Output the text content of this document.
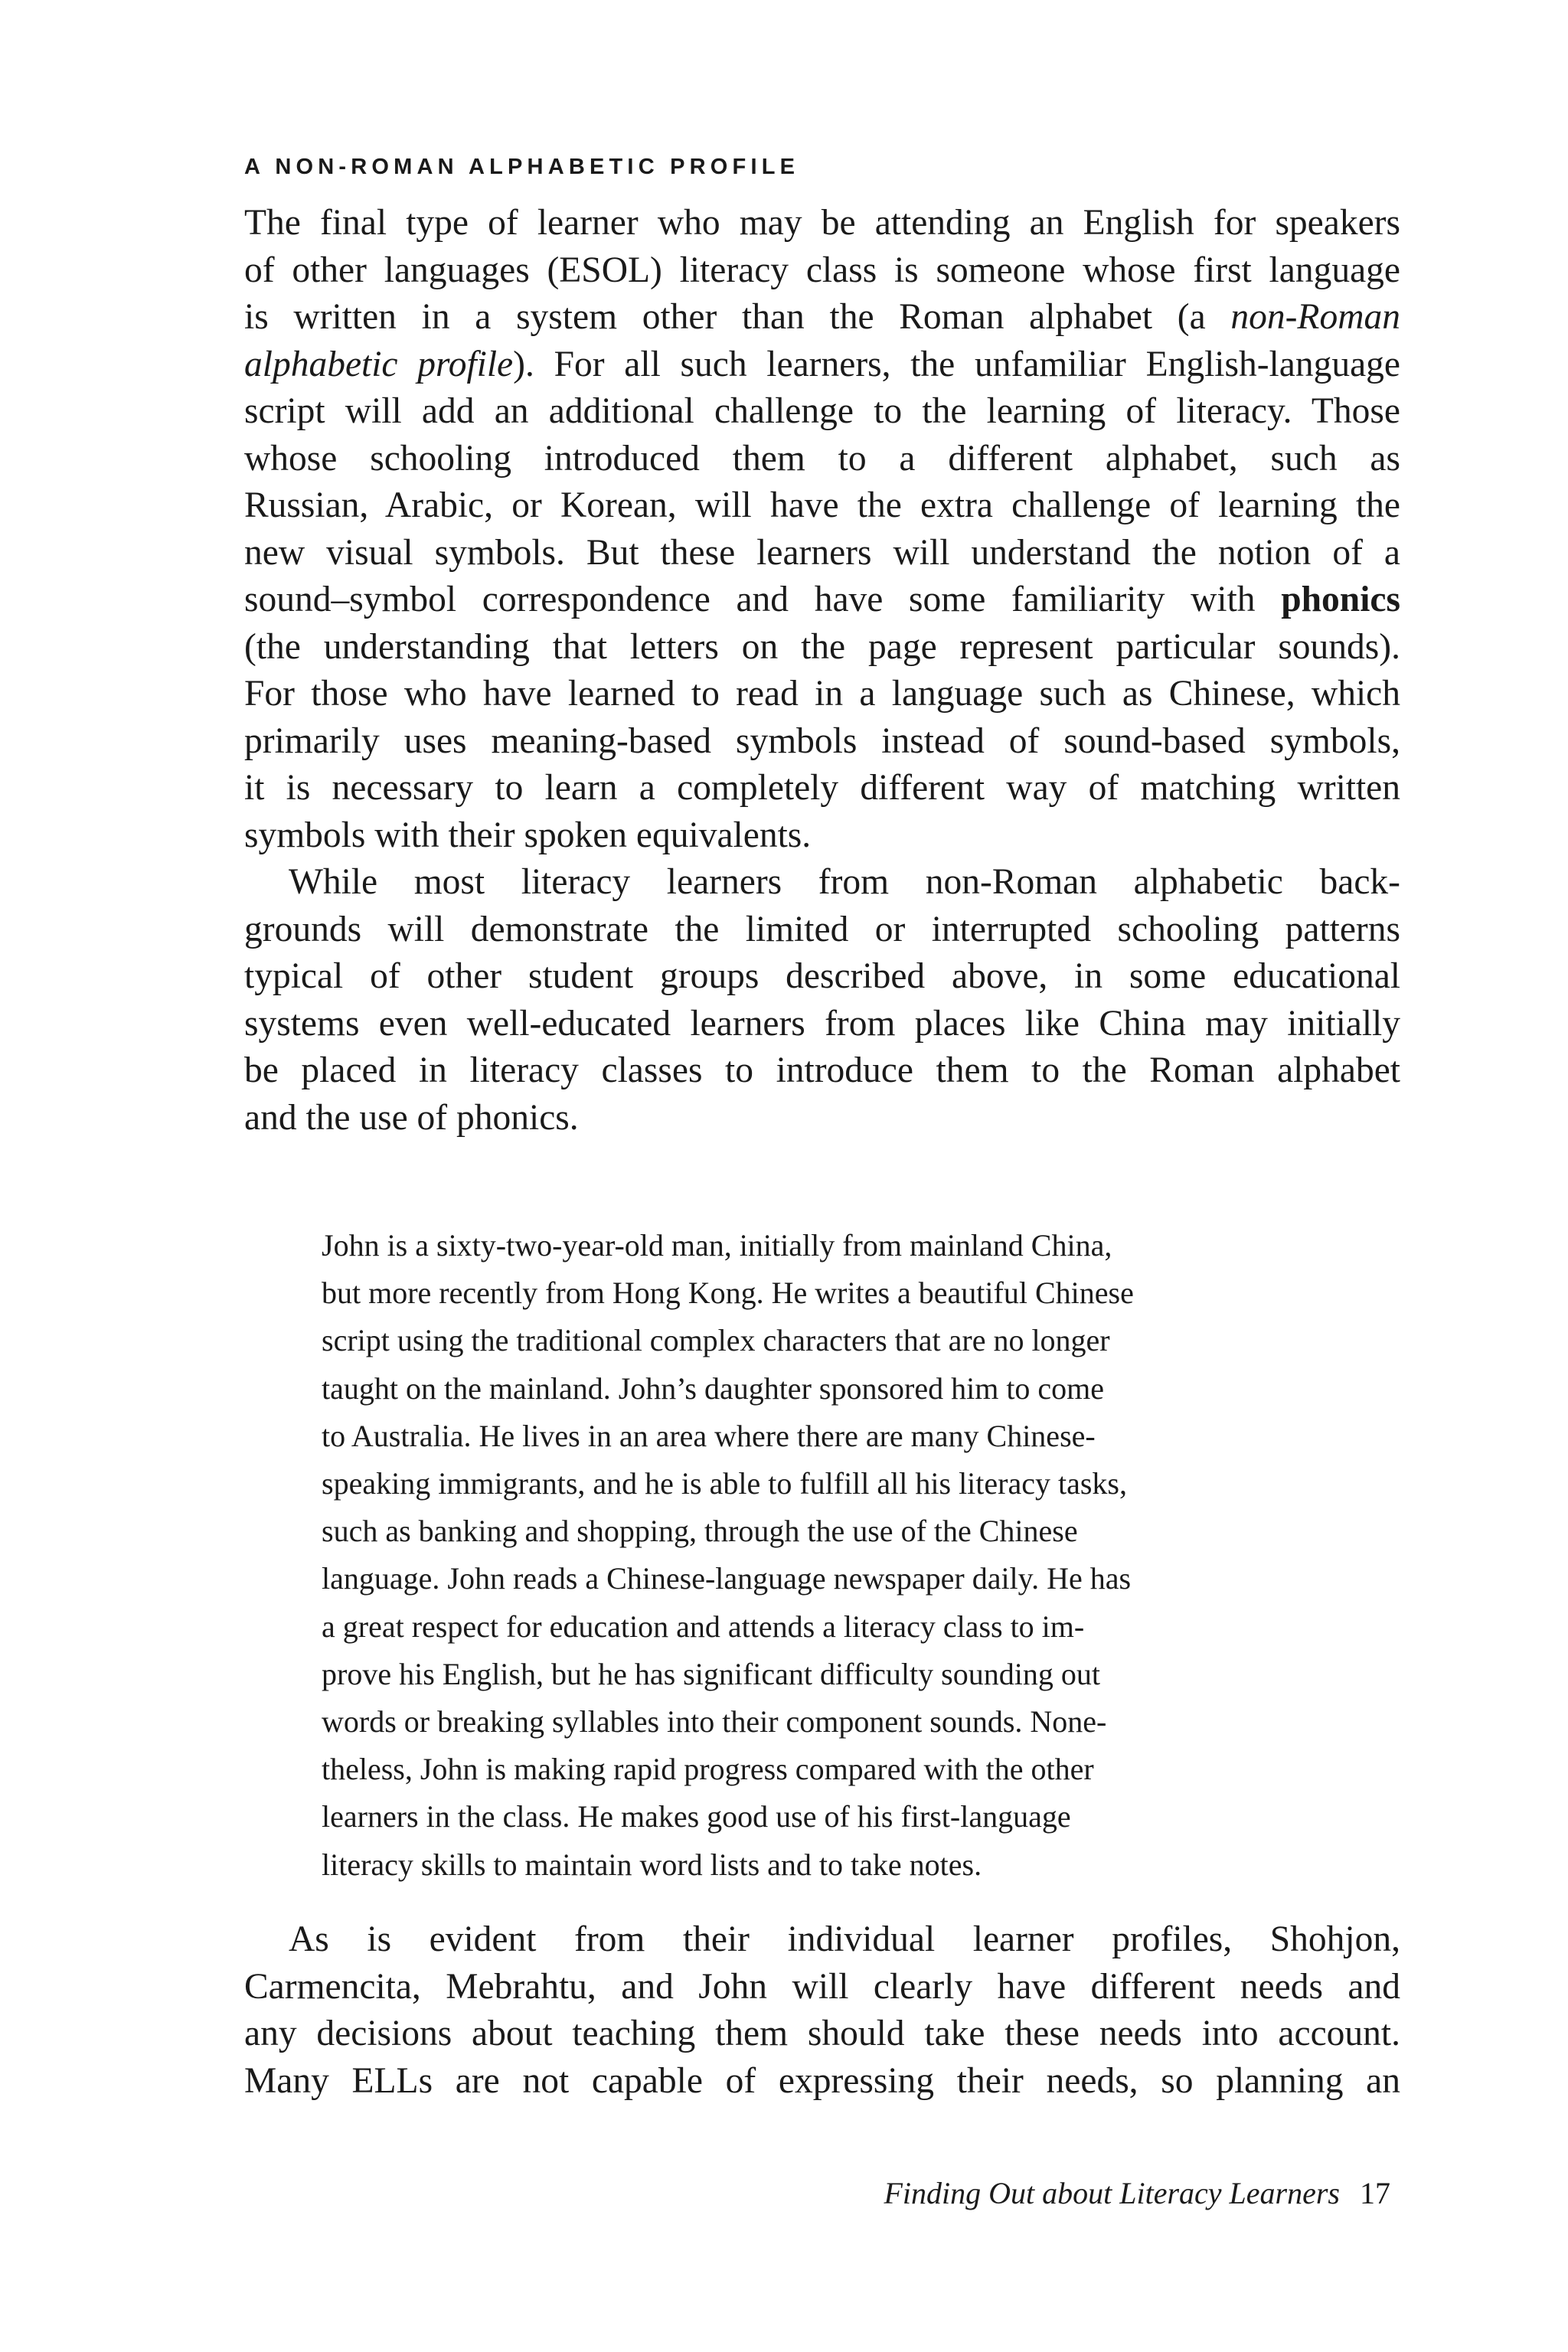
A NON-ROMAN ALPHABETIC PROFILE
The final type of learner who may be attending an English for speakers
of other languages (ESOL) literacy class is someone whose first language
is written in a system other than the Roman alphabet (a non-Roman
alphabetic profile). For all such learners, the unfamiliar English-language
script will add an additional challenge to the learning of literacy. Those
whose schooling introduced them to a different alphabet, such as
Russian, Arabic, or Korean, will have the extra challenge of learning the
new visual symbols. But these learners will understand the notion of a
sound–symbol correspondence and have some familiarity with phonics
(the understanding that letters on the page represent particular sounds).
For those who have learned to read in a language such as Chinese, which
primarily uses meaning-based symbols instead of sound-based symbols,
it is necessary to learn a completely different way of matching written
symbols with their spoken equivalents.
While most literacy learners from non-Roman alphabetic back-
grounds will demonstrate the limited or interrupted schooling patterns
typical of other student groups described above, in some educational
systems even well-educated learners from places like China may initially
be placed in literacy classes to introduce them to the Roman alphabet
and the use of phonics.
John is a sixty-two-year-old man, initially from mainland China,
but more recently from Hong Kong. He writes a beautiful Chinese
script using the traditional complex characters that are no longer
taught on the mainland. John’s daughter sponsored him to come
to Australia. He lives in an area where there are many Chinese-
speaking immigrants, and he is able to fulfill all his literacy tasks,
such as banking and shopping, through the use of the Chinese
language. John reads a Chinese-language newspaper daily. He has
a great respect for education and attends a literacy class to im-
prove his English, but he has significant difficulty sounding out
words or breaking syllables into their component sounds. None-
theless, John is making rapid progress compared with the other
learners in the class. He makes good use of his first-language
literacy skills to maintain word lists and to take notes.
As is evident from their individual learner profiles, Shohjon,
Carmencita, Mebrahtu, and John will clearly have different needs and
any decisions about teaching them should take these needs into account.
Many ELLs are not capable of expressing their needs, so planning an
Finding Out about Literacy Learners 17
